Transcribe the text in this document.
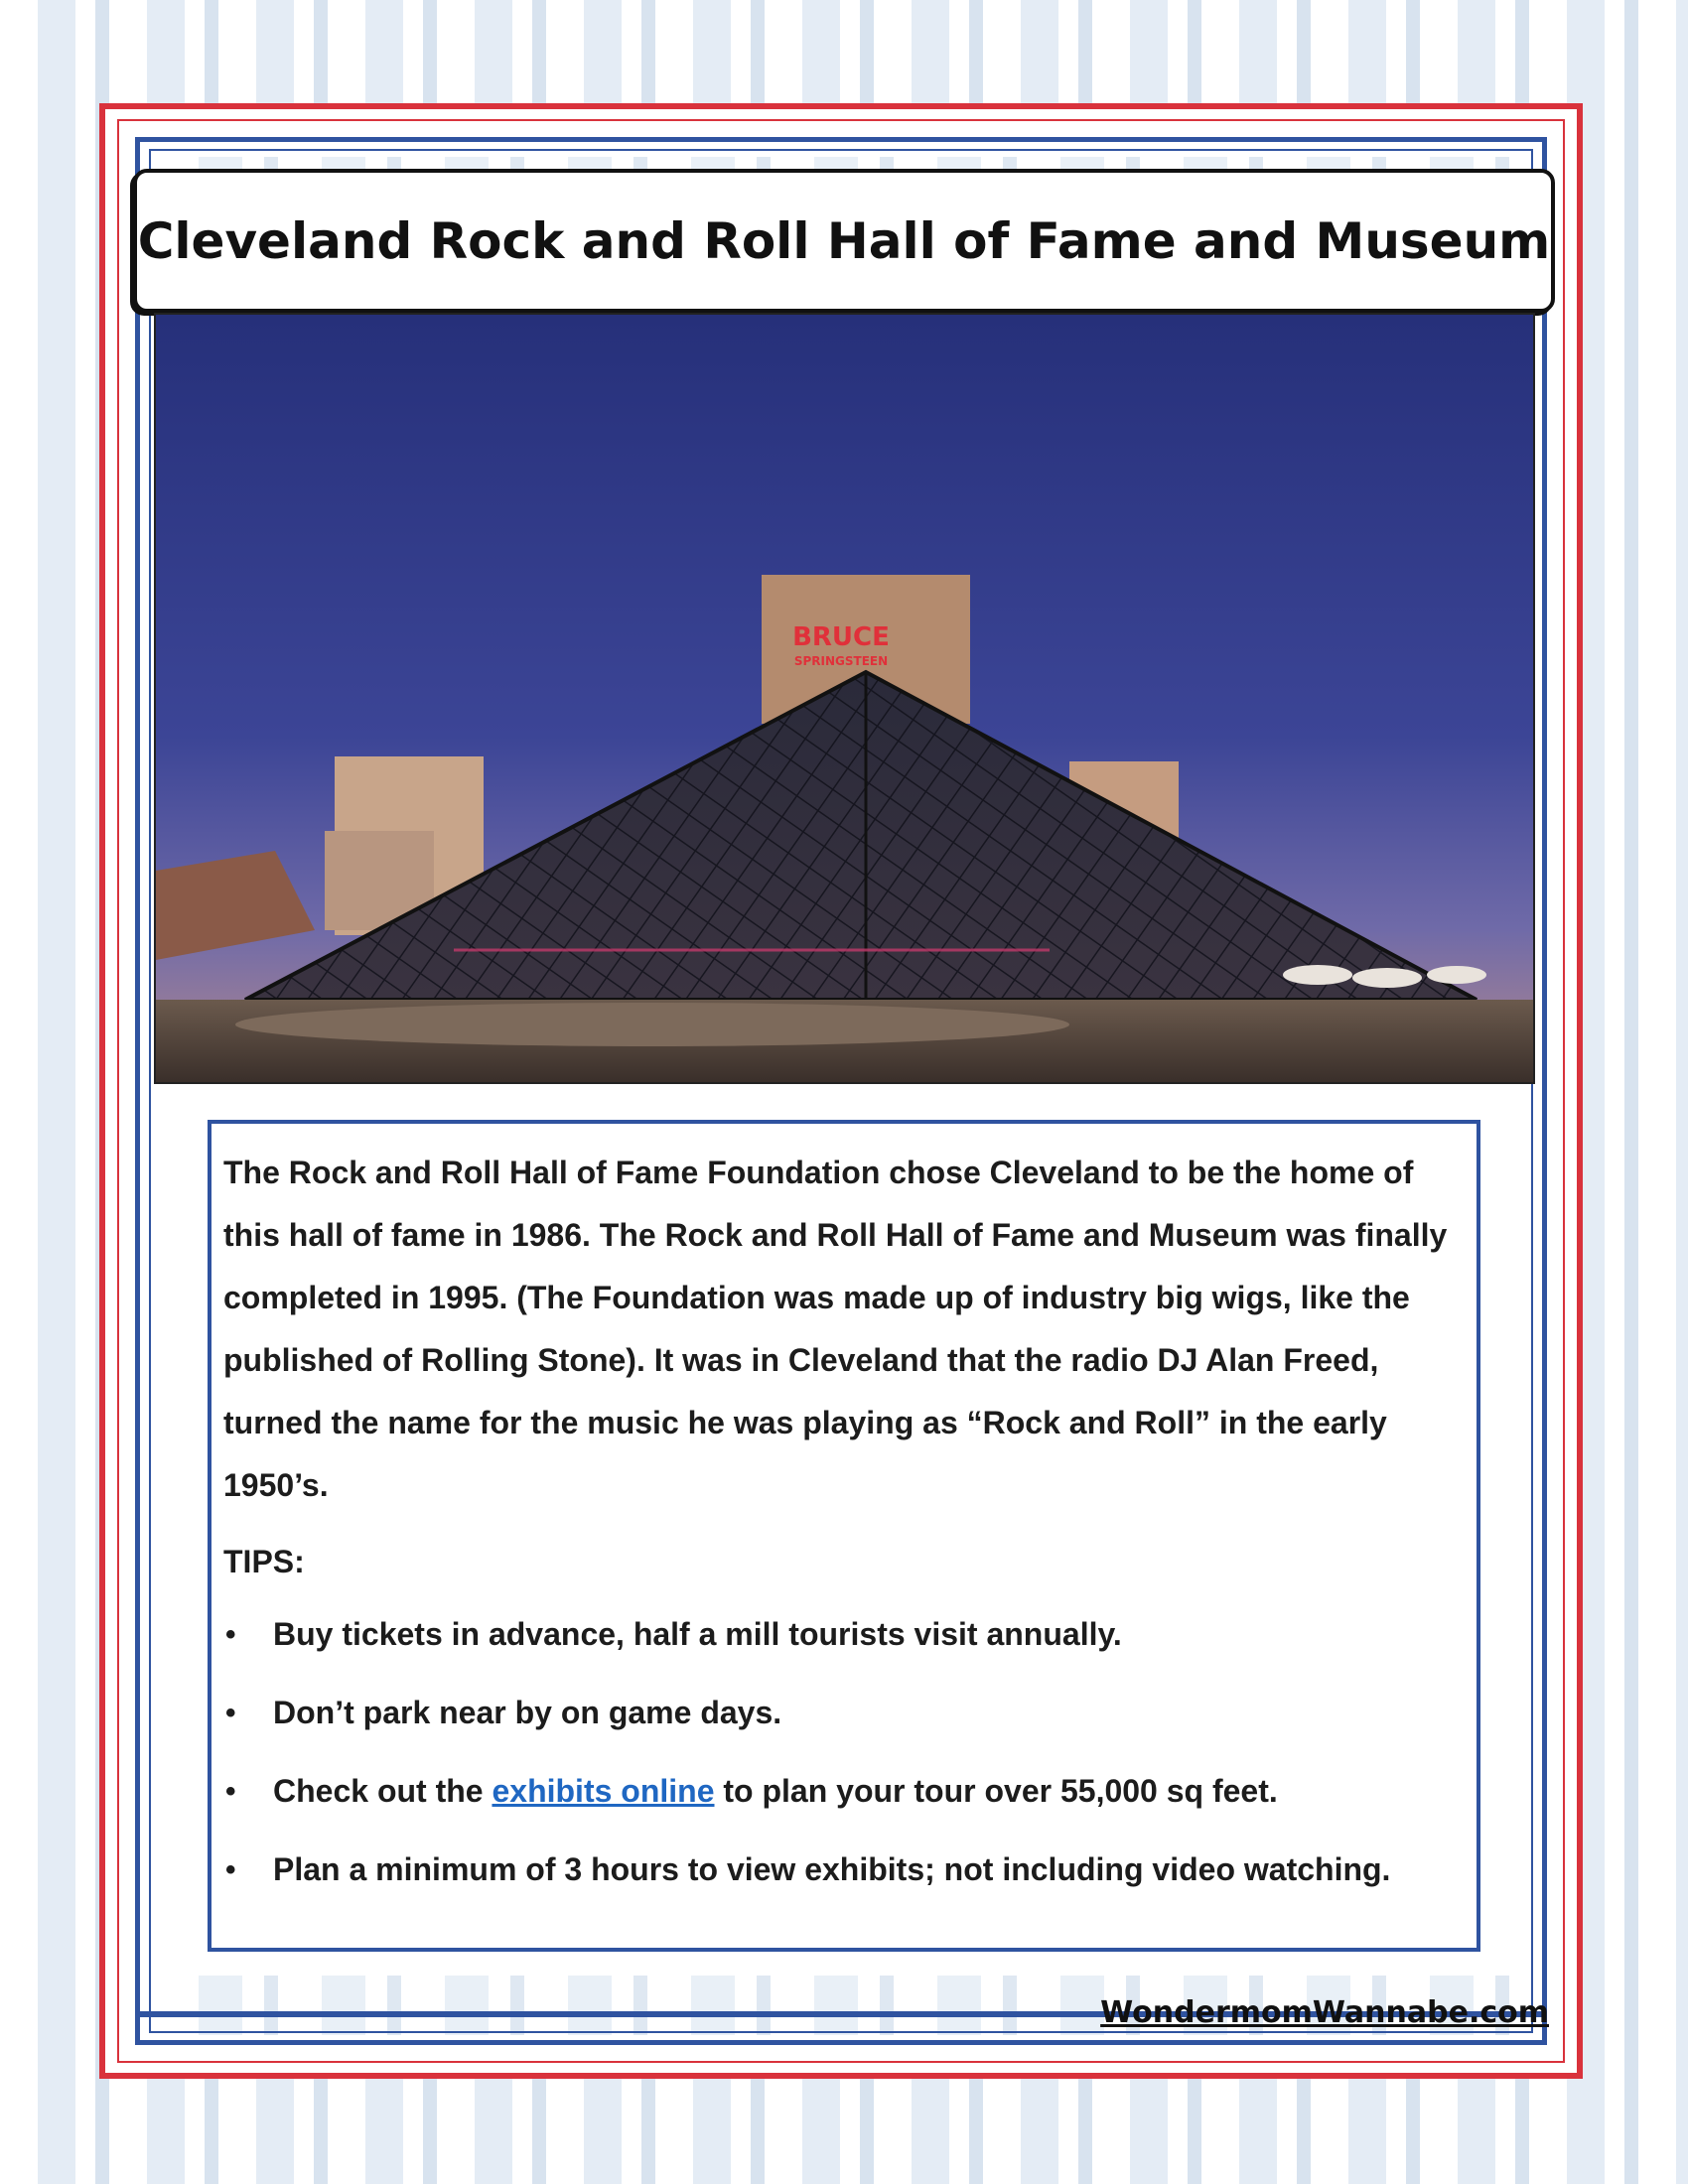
Cleveland Rock and Roll Hall of Fame and Museum
BRUCE
SPRINGSTEEN

The Rock and Roll Hall of Fame Foundation chose Cleveland to be the home of this hall of fame in 1986. The Rock and Roll Hall of Fame and Museum was finally completed in 1995. (The Foundation was made up of industry big wigs, like the published of Rolling Stone). It was in Cleveland that the radio DJ Alan Freed, turned the name for the music he was playing as “Rock and Roll” in the early 1950’s.

TIPS:

• Buy tickets in advance, half a mill tourists visit annually.
• Don’t park near by on game days.
• Check out the exhibits online to plan your tour over 55,000 sq feet.
• Plan a minimum of 3 hours to view exhibits; not including video watching.
WondermomWannabe.com
